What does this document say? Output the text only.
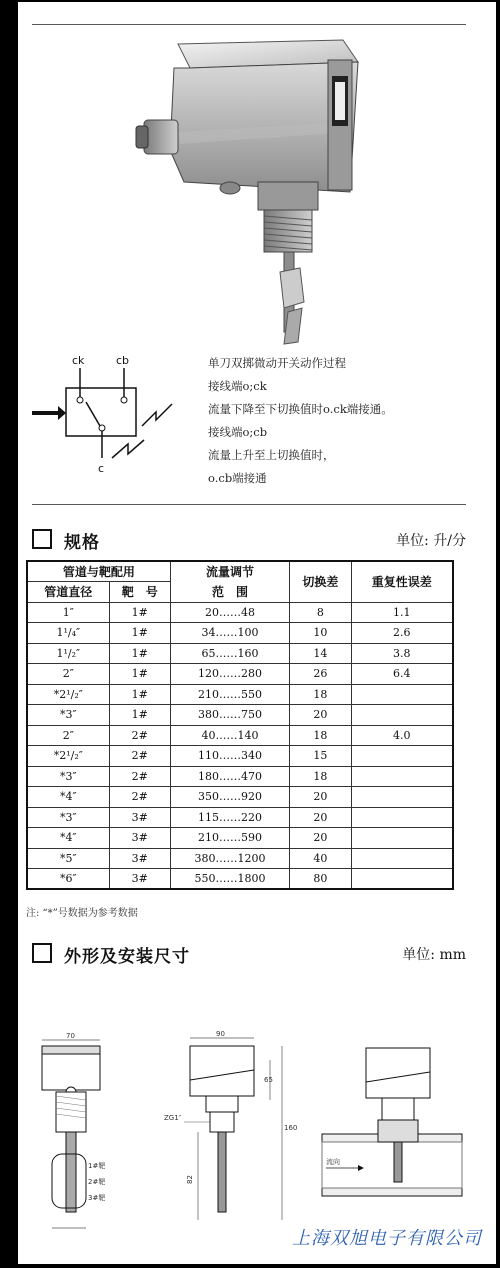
ck	cb
c
单刀双掷微动开关动作过程
接线端o;ck
流量下降至下切换值时o.ck端接通。
接线端o;cb
流量上升至上切换值时，
o.cb端接通
规格	单位: 升/分
管道与靶配用		流量调节	切换差	重复性误差
管道直径	靶　号	范　围		
1″	1#	20……48	8	1.1
1¹/₄″	1#	34……100	10	2.6
1¹/₂″	1#	65……160	14	3.8
2″	1#	120……280	26	6.4
*2¹/₂″	1#	210……550	18	
*3″	1#	380……750	20	
2″	2#	40……140	18	4.0
*2¹/₂″	2#	110……340	15	
*3″	2#	180……470	18	
*4″	2#	350……920	20	
*3″	3#	115……220	20	
*4″	3#	210……590	20	
*5″	3#	380……1200	40	
*6″	3#	550……1800	80	
注: “*”号数据为参考数据
外形及安装尺寸	单位: mm
70
1#靶
2#靶
3#靶
90
ZG1″
82
160
65
流向
上海双旭电子有限公司
